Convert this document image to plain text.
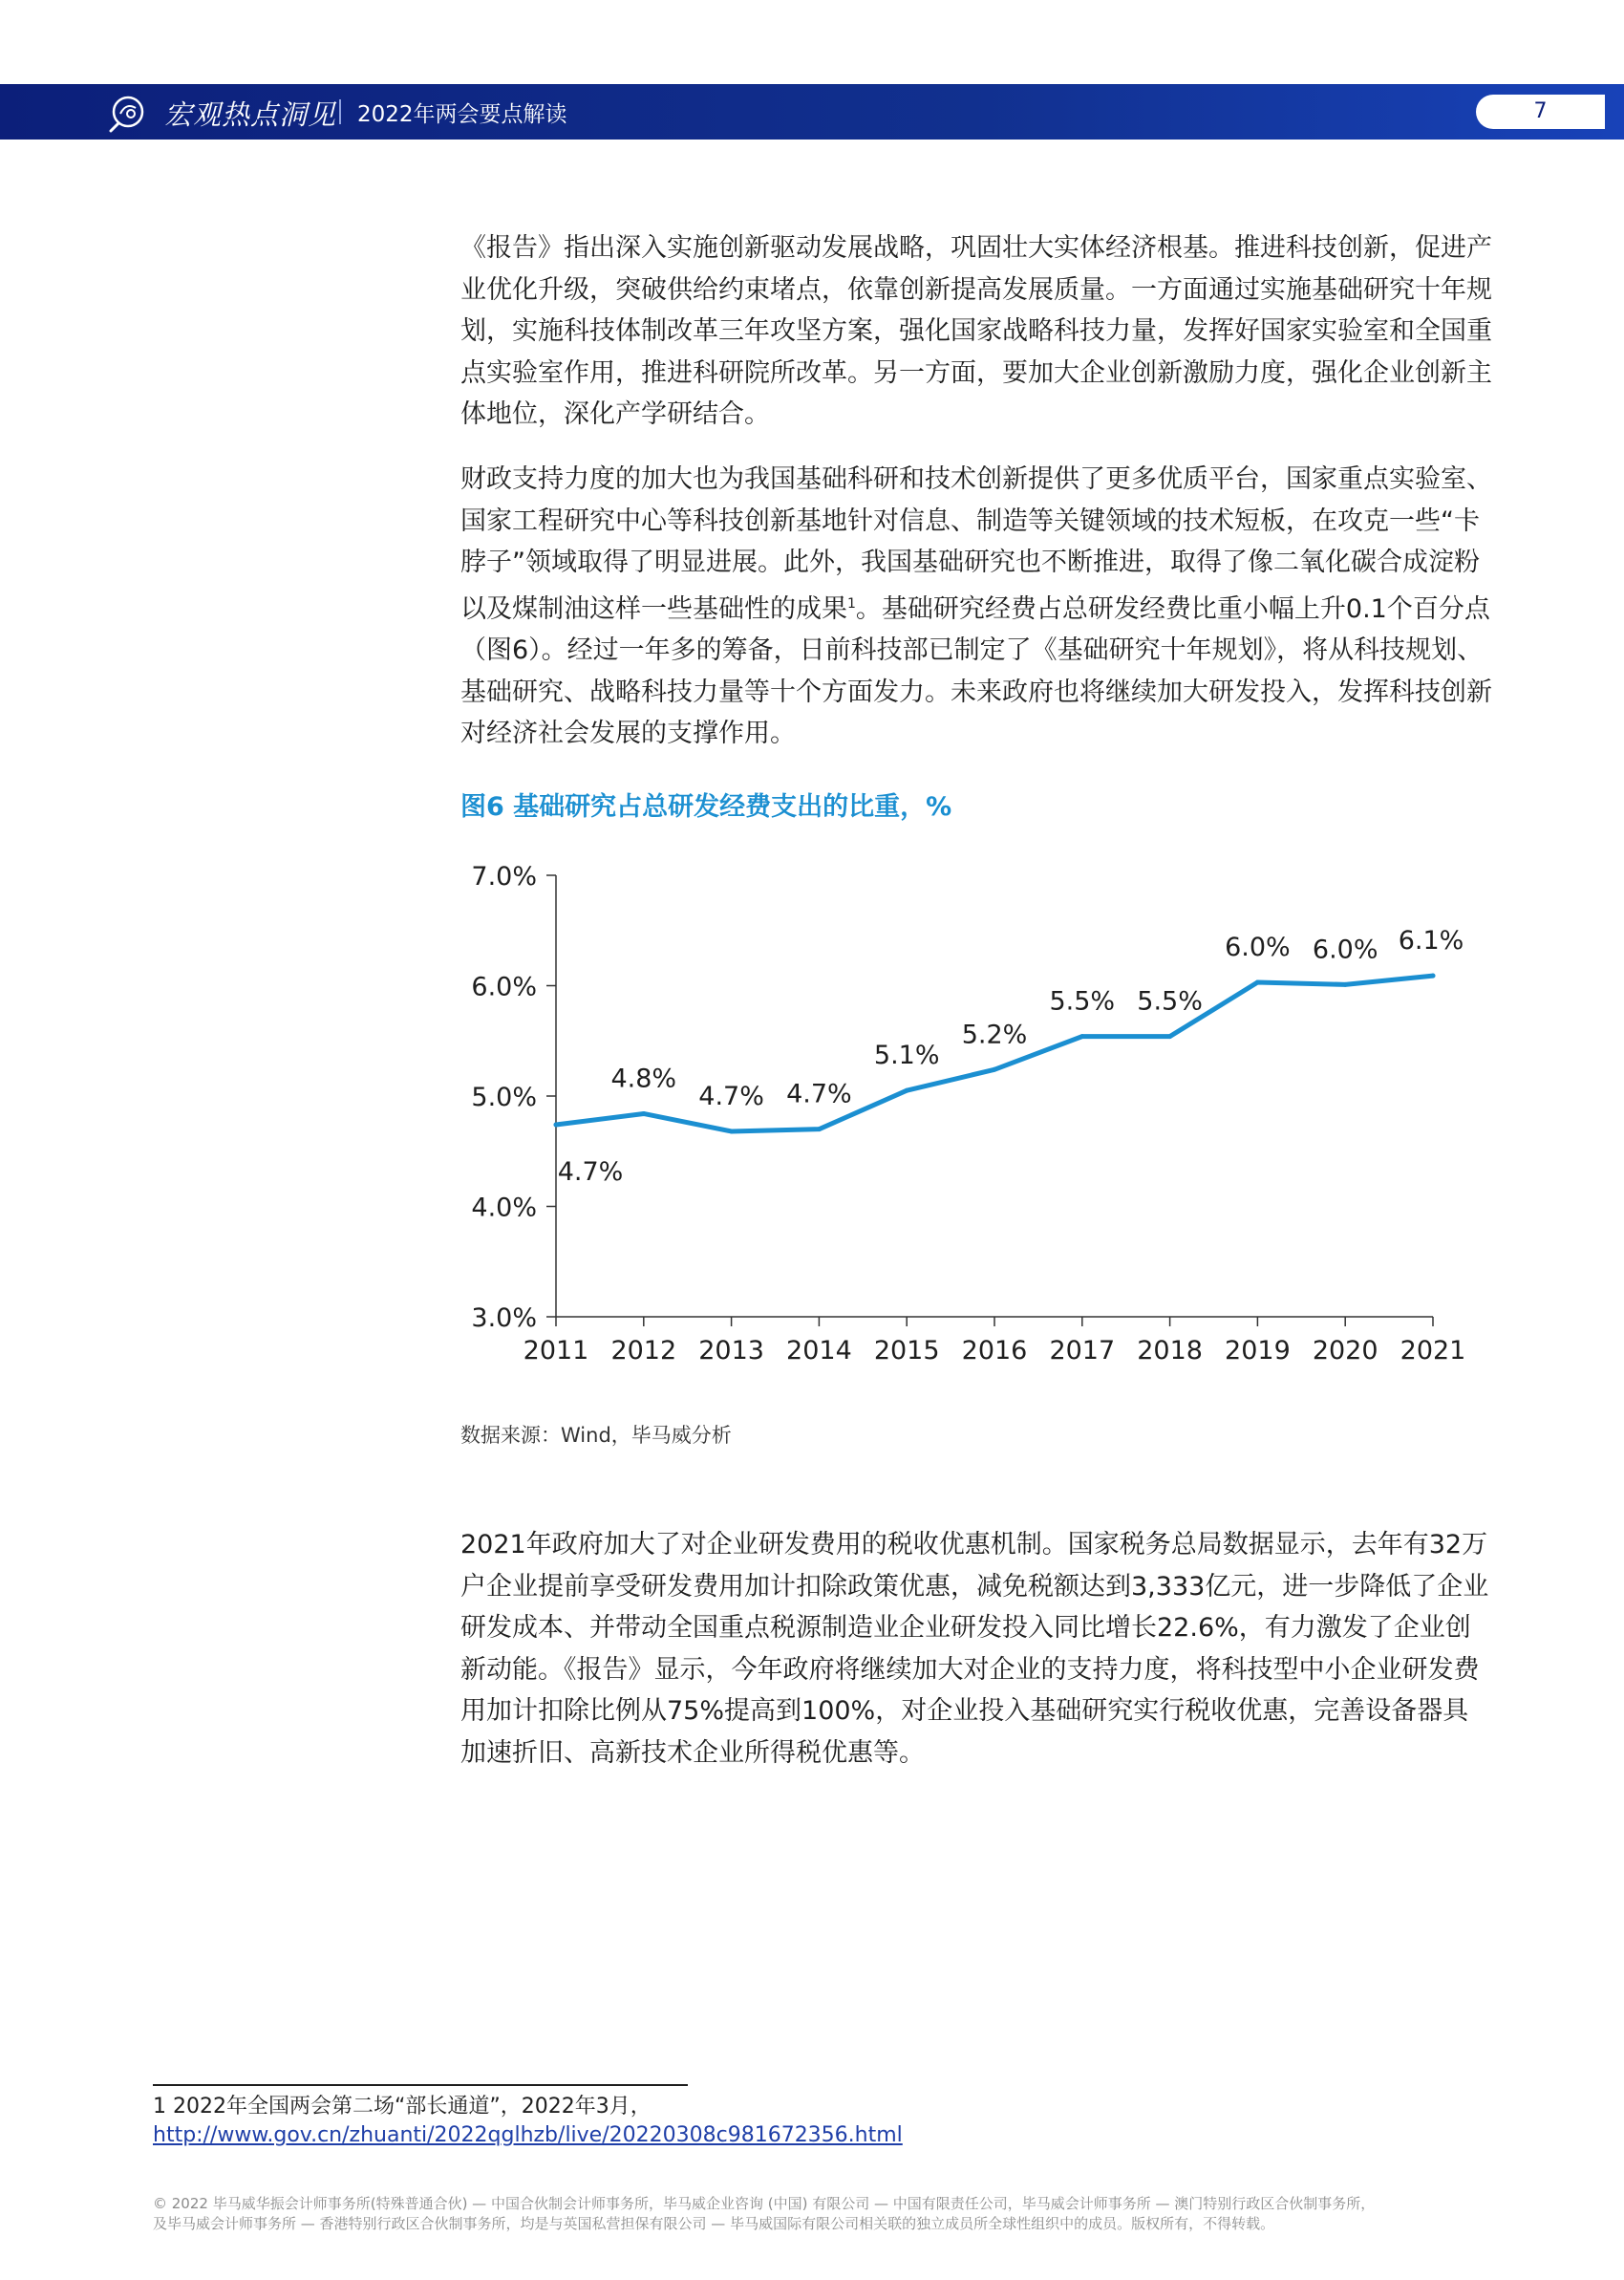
宏观热点洞见 2022年两会要点解读	7

《报告》指出深入实施创新驱动发展战略，巩固壮大实体经济根基。推进科技创新，促进产业优化升级，突破供给约束堵点，依靠创新提高发展质量。一方面通过实施基础研究十年规划，实施科技体制改革三年攻坚方案，强化国家战略科技力量，发挥好国家实验室和全国重点实验室作用，推进科研院所改革。另一方面，要加大企业创新激励力度，强化企业创新主体地位，深化产学研结合。

财政支持力度的加大也为我国基础科研和技术创新提供了更多优质平台，国家重点实验室、国家工程研究中心等科技创新基地针对信息、制造等关键领域的技术短板，在攻克一些“卡脖子”领域取得了明显进展。此外，我国基础研究也不断推进，取得了像二氧化碳合成淀粉以及煤制油这样一些基础性的成果$^1$。基础研究经费占总研发经费比重小幅上升0.1个百分点（图6）。经过一年多的筹备，日前科技部已制定了《基础研究十年规划》，将从科技规划、基础研究、战略科技力量等十个方面发力。未来政府也将继续加大研发投入，发挥科技创新对经济社会发展的支撑作用。

图6 基础研究占总研发经费支出的比重，%
3.0%
4.0%
5.0%
6.0%
7.0%
2011 2012 2013 2014 2015 2016 2017 2018 2019 2020 2021
4.7%
4.8%
4.7% 4.7%
5.1%
5.2%
5.5% 5.5%
6.0% 6.0% 6.1%
数据来源：Wind，毕马威分析

2021年政府加大了对企业研发费用的税收优惠机制。国家税务总局数据显示，去年有32万户企业提前享受研发费用加计扣除政策优惠，减免税额达到3,333亿元，进一步降低了企业研发成本、并带动全国重点税源制造业企业研发投入同比增长22.6%，有力激发了企业创新动能。《报告》显示，今年政府将继续加大对企业的支持力度，将科技型中小企业研发费用加计扣除比例从75%提高到100%，对企业投入基础研究实行税收优惠，完善设备器具加速折旧、高新技术企业所得税优惠等。

1 2022年全国两会第二场“部长通道”，2022年3月，
http://www.gov.cn/zhuanti/2022qglhzb/live/20220308c981672356.html
© 2022 毕马威华振会计师事务所(特殊普通合伙) — 中国合伙制会计师事务所，毕马威企业咨询 (中国) 有限公司 — 中国有限责任公司，毕马威会计师事务所 — 澳门特别行政区合伙制事务所，
及毕马威会计师事务所 — 香港特别行政区合伙制事务所，均是与英国私营担保有限公司 — 毕马威国际有限公司相关联的独立成员所全球性组织中的成员。版权所有，不得转载。
